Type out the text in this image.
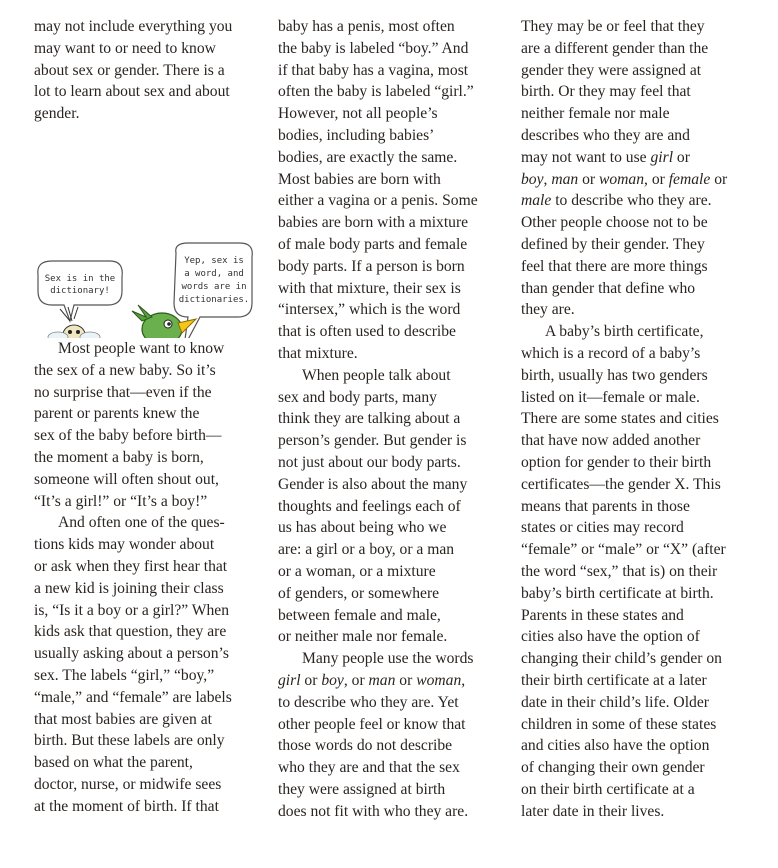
may not include everything you
may want to or need to know
about sex or gender. There is a
lot to learn about sex and about
gender.
Sex is in the
dictionary!
Yep, sex is
a word, and
words are in
dictionaries.
Most people want to know
the sex of a new baby. So it’s
no surprise that—even if the
parent or parents knew the
sex of the baby before birth—
the moment a baby is born,
someone will often shout out,
“It’s a girl!” or “It’s a boy!”
And often one of the ques-
tions kids may wonder about
or ask when they first hear that
a new kid is joining their class
is, “Is it a boy or a girl?” When
kids ask that question, they are
usually asking about a person’s
sex. The labels “girl,” “boy,”
“male,” and “female” are labels
that most babies are given at
birth. But these labels are only
based on what the parent,
doctor, nurse, or midwife sees
at the moment of birth. If that
baby has a penis, most often
the baby is labeled “boy.” And
if that baby has a vagina, most
often the baby is labeled “girl.”
However, not all people’s
bodies, including babies’
bodies, are exactly the same.
Most babies are born with
either a vagina or a penis. Some
babies are born with a mixture
of male body parts and female
body parts. If a person is born
with that mixture, their sex is
“intersex,” which is the word
that is often used to describe
that mixture.
When people talk about
sex and body parts, many
think they are talking about a
person’s gender. But gender is
not just about our body parts.
Gender is also about the many
thoughts and feelings each of
us has about being who we
are: a girl or a boy, or a man
or a woman, or a mixture
of genders, or somewhere
between female and male,
or neither male nor female.
Many people use the words
girl or boy, or man or woman,
to describe who they are. Yet
other people feel or know that
those words do not describe
who they are and that the sex
they were assigned at birth
does not fit with who they are.
They may be or feel that they
are a different gender than the
gender they were assigned at
birth. Or they may feel that
neither female nor male
describes who they are and
may not want to use girl or
boy, man or woman, or female or
male to describe who they are.
Other people choose not to be
defined by their gender. They
feel that there are more things
than gender that define who
they are.
A baby’s birth certificate,
which is a record of a baby’s
birth, usually has two genders
listed on it—female or male.
There are some states and cities
that have now added another
option for gender to their birth
certificates—the gender X. This
means that parents in those
states or cities may record
“female” or “male” or “X” (after
the word “sex,” that is) on their
baby’s birth certificate at birth.
Parents in these states and
cities also have the option of
changing their child’s gender on
their birth certificate at a later
date in their child’s life. Older
children in some of these states
and cities also have the option
of changing their own gender
on their birth certificate at a
later date in their lives.
